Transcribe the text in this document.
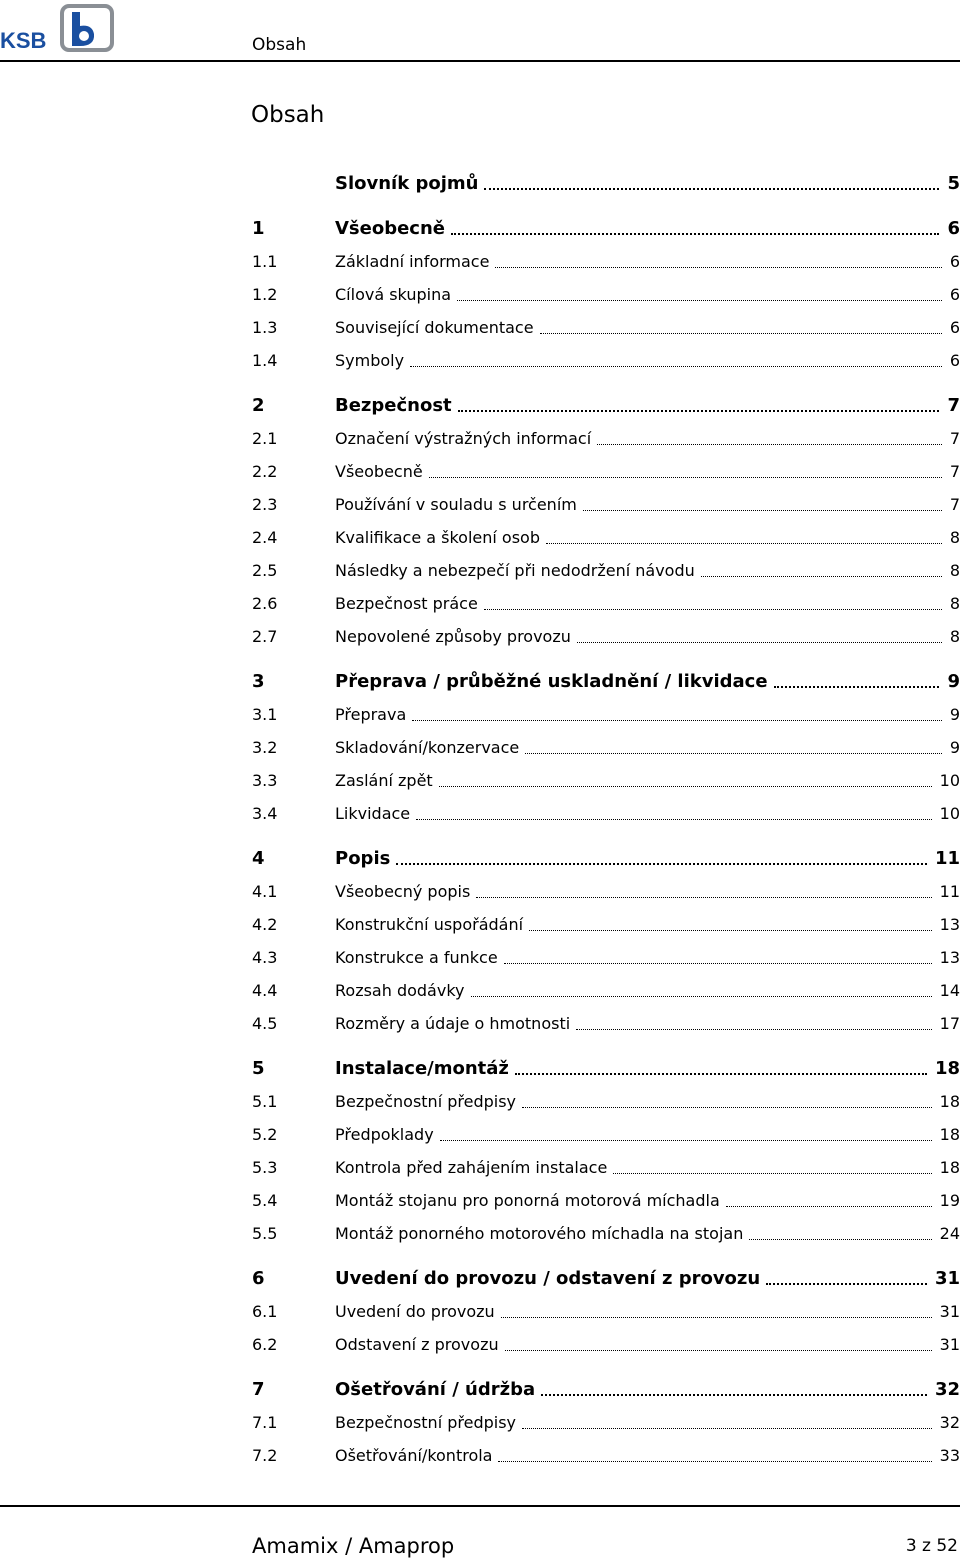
KSB	Obsah
Obsah
Slovník pojmů	5
1	Všeobecně	6
1.1	Základní informace	6
1.2	Cílová skupina	6
1.3	Související dokumentace	6
1.4	Symboly	6
2	Bezpečnost	7
2.1	Označení výstražných informací	7
2.2	Všeobecně	7
2.3	Používání v souladu s určením	7
2.4	Kvalifikace a školení osob	8
2.5	Následky a nebezpečí při nedodržení návodu	8
2.6	Bezpečnost práce	8
2.7	Nepovolené způsoby provozu	8
3	Přeprava / průběžné uskladnění / likvidace	9
3.1	Přeprava	9
3.2	Skladování/konzervace	9
3.3	Zaslání zpět	10
3.4	Likvidace	10
4	Popis	11
4.1	Všeobecný popis	11
4.2	Konstrukční uspořádání	13
4.3	Konstrukce a funkce	13
4.4	Rozsah dodávky	14
4.5	Rozměry a údaje o hmotnosti	17
5	Instalace/montáž	18
5.1	Bezpečnostní předpisy	18
5.2	Předpoklady	18
5.3	Kontrola před zahájením instalace	18
5.4	Montáž stojanu pro ponorná motorová míchadla	19
5.5	Montáž ponorného motorového míchadla na stojan	24
6	Uvedení do provozu / odstavení z provozu	31
6.1	Uvedení do provozu	31
6.2	Odstavení z provozu	31
7	Ošetřování / údržba	32
7.1	Bezpečnostní předpisy	32
7.2	Ošetřování/kontrola	33
Amamix / Amaprop	3 z 52
